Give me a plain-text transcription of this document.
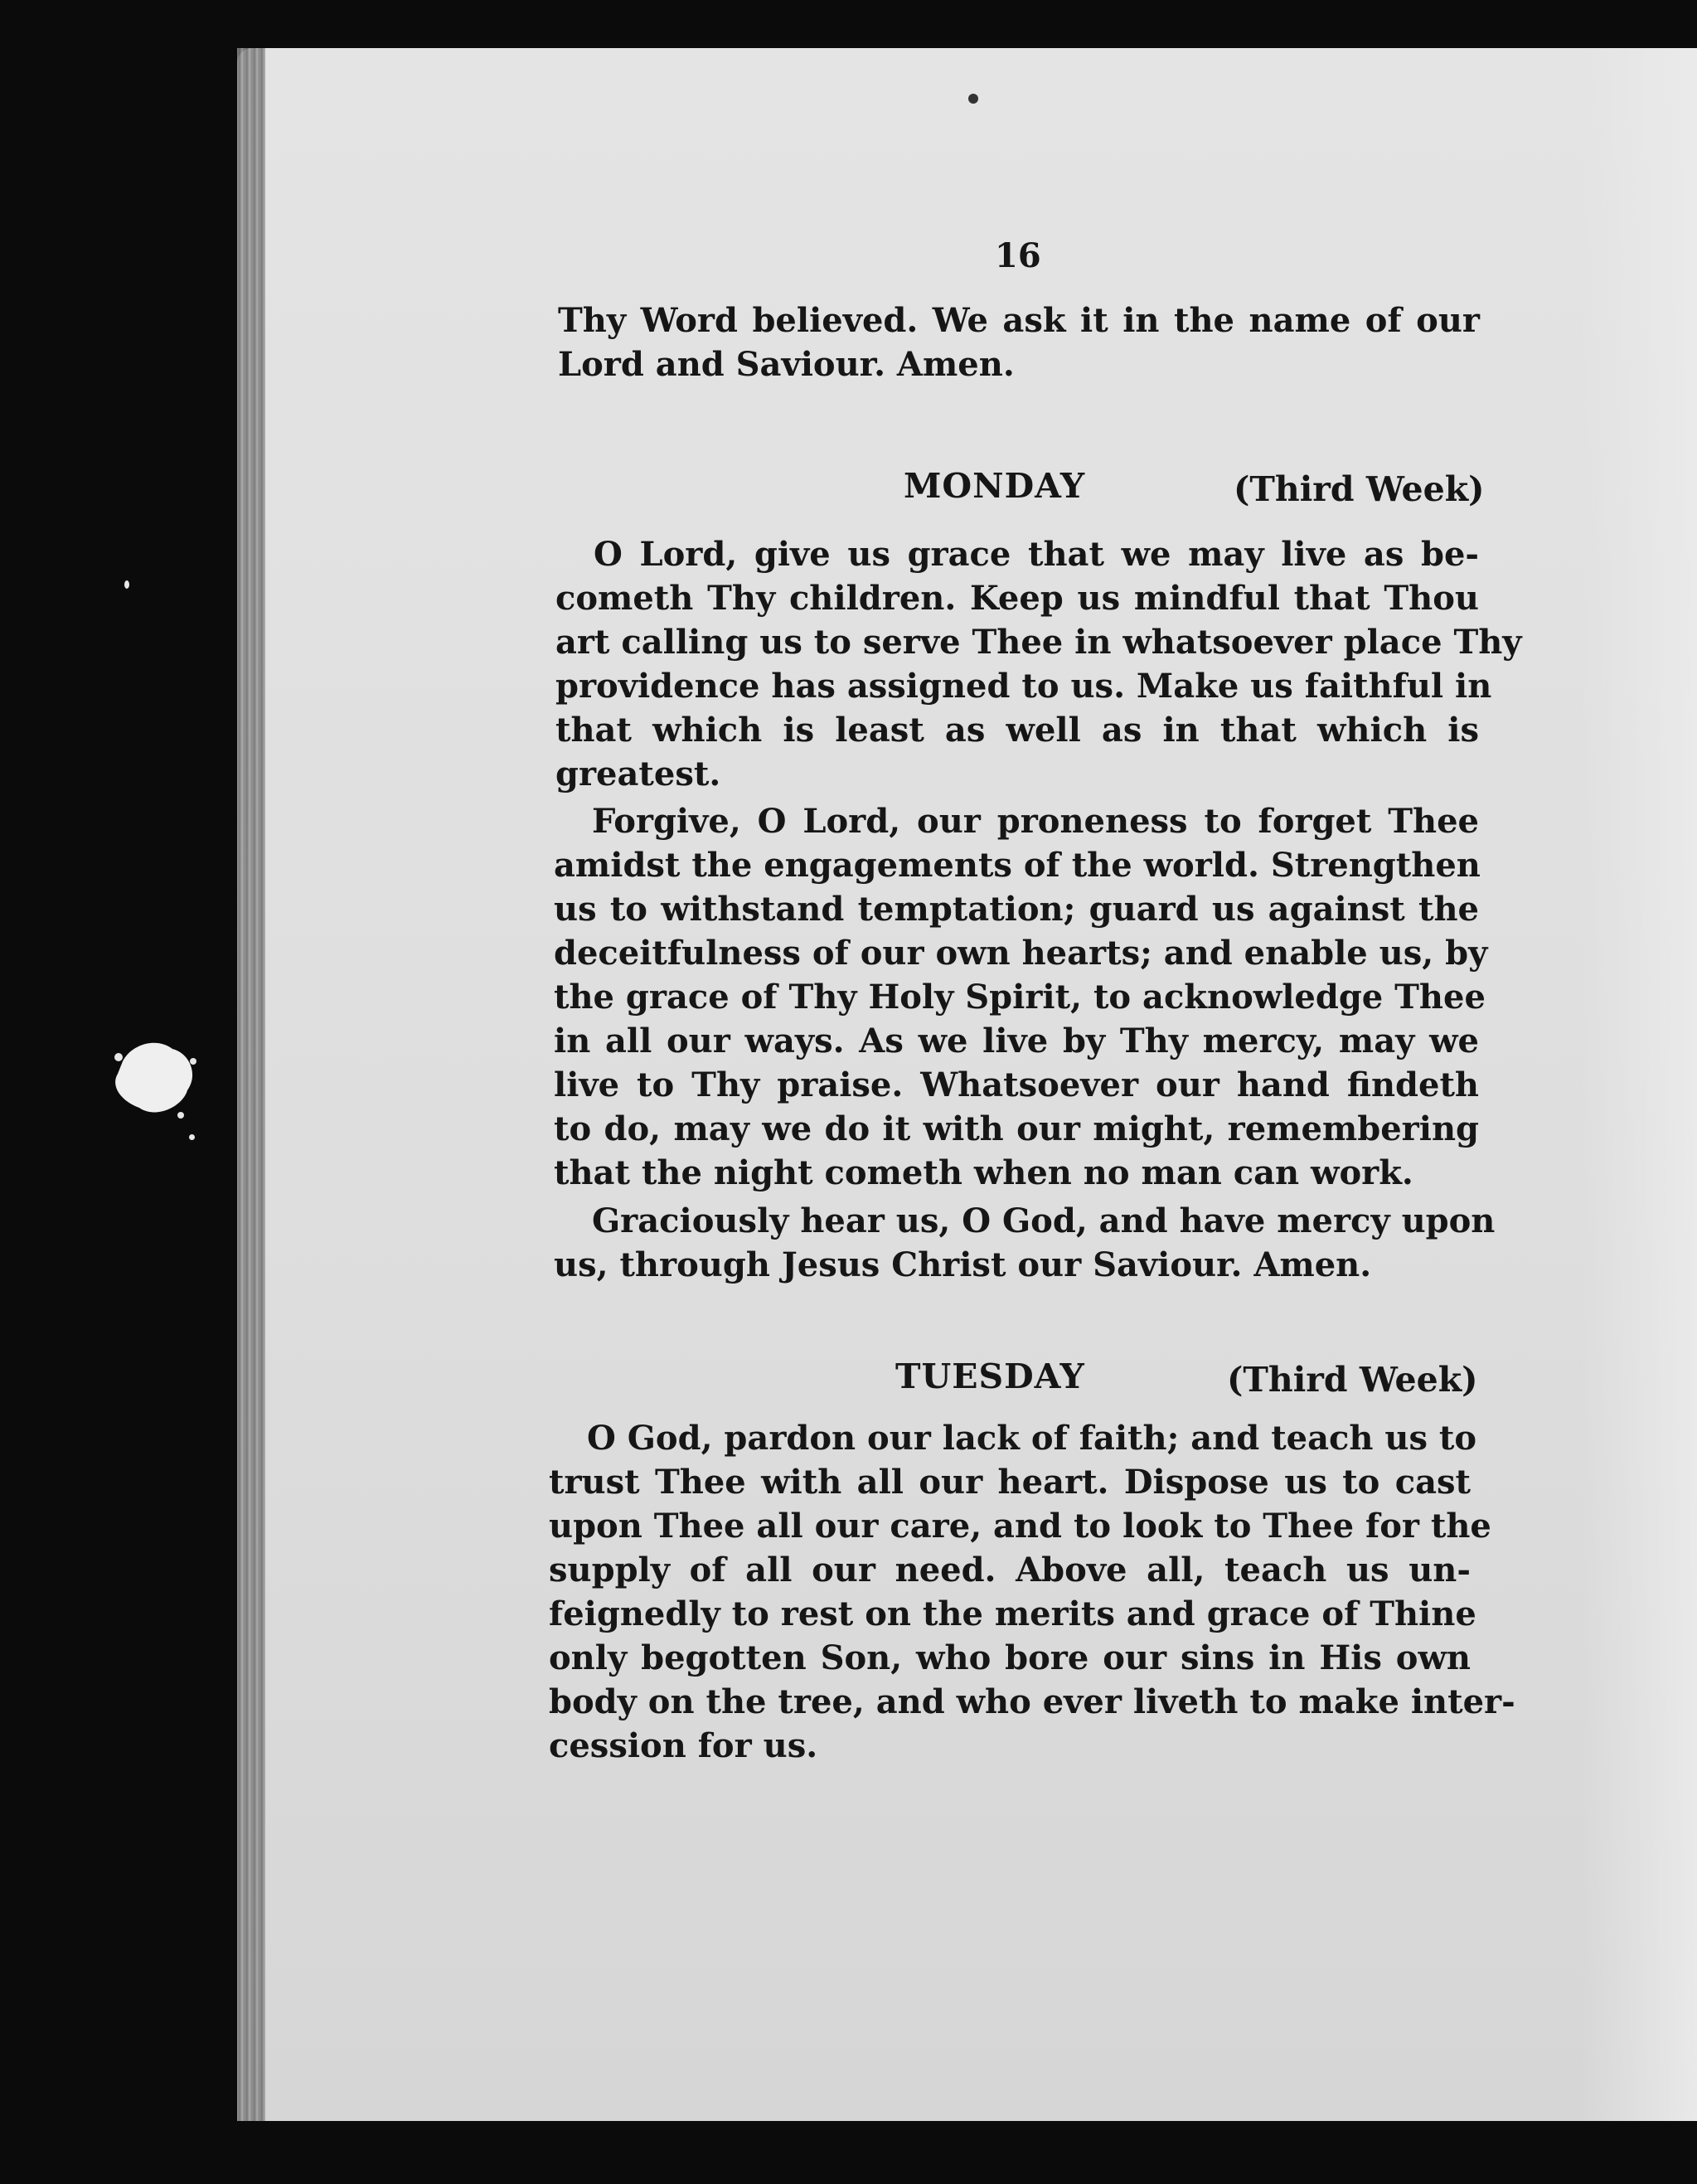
16
Thy Word believed. We ask it in the name of our
Lord and Saviour. Amen.
MONDAY	(Third Week)
O Lord, give us grace that we may live as be-
cometh Thy children. Keep us mindful that Thou
art calling us to serve Thee in whatsoever place Thy
providence has assigned to us. Make us faithful in
that which is least as well as in that which is
greatest.
Forgive, O Lord, our proneness to forget Thee
amidst the engagements of the world. Strengthen
us to withstand temptation; guard us against the
deceitfulness of our own hearts; and enable us, by
the grace of Thy Holy Spirit, to acknowledge Thee
in all our ways. As we live by Thy mercy, may we
live to Thy praise. Whatsoever our hand findeth
to do, may we do it with our might, remembering
that the night cometh when no man can work.
Graciously hear us, O God, and have mercy upon
us, through Jesus Christ our Saviour. Amen.
TUESDAY	(Third Week)
O God, pardon our lack of faith; and teach us to
trust Thee with all our heart. Dispose us to cast
upon Thee all our care, and to look to Thee for the
supply of all our need. Above all, teach us un-
feignedly to rest on the merits and grace of Thine
only begotten Son, who bore our sins in His own
body on the tree, and who ever liveth to make inter-
cession for us.
